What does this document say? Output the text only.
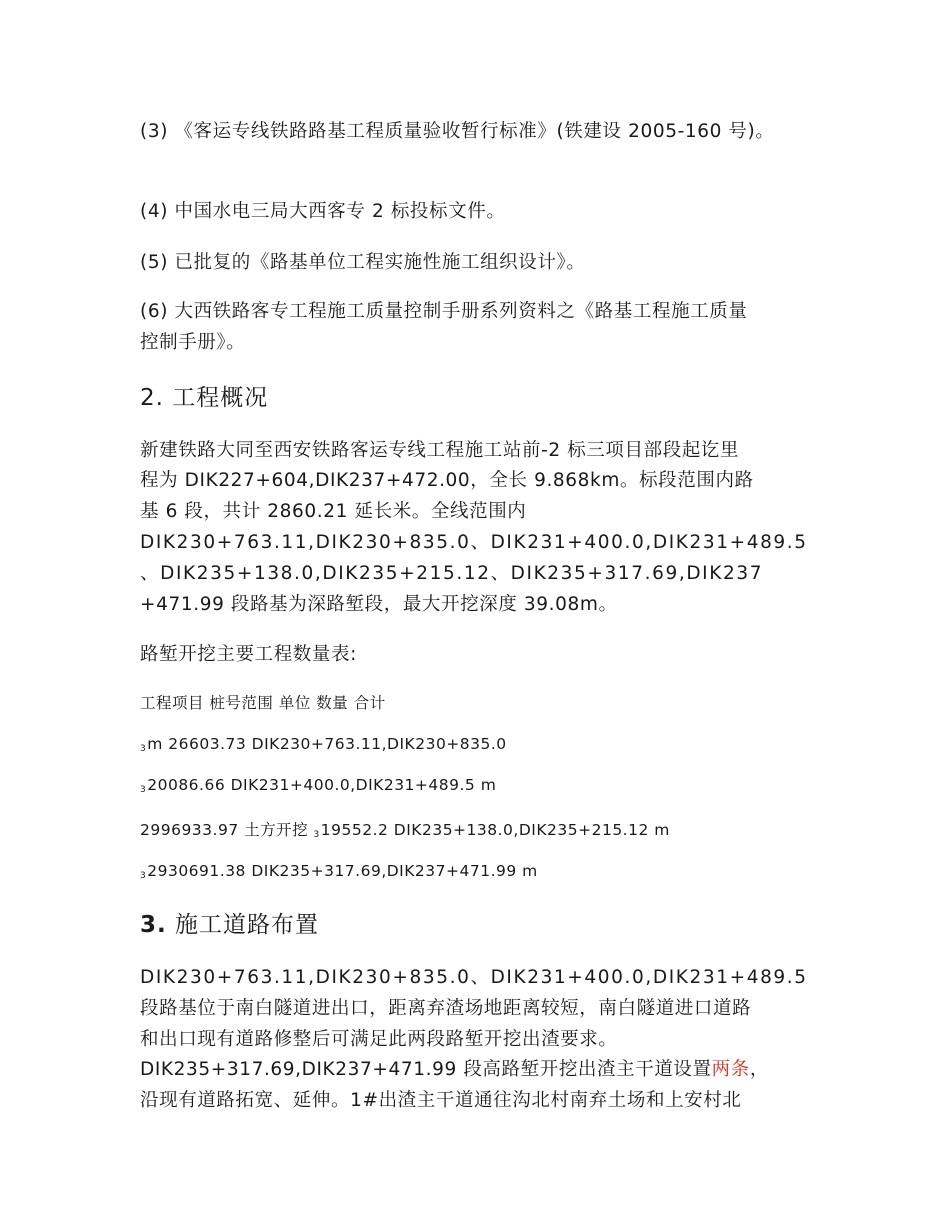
(3) 《客运专线铁路路基工程质量验收暂行标准》(铁建设 2005-160 号)。
(4) 中国水电三局大西客专 2 标投标文件。
(5) 已批复的《路基单位工程实施性施工组织设计》。
(6) 大西铁路客专工程施工质量控制手册系列资料之《路基工程施工质量
控制手册》。
2. 工程概况
新建铁路大同至西安铁路客运专线工程施工站前-2 标三项目部段起讫里
程为 DIK227+604,DIK237+472.00，全长 9.868km。标段范围内路
基 6 段，共计 2860.21 延长米。全线范围内
DIK230+763.11,DIK230+835.0、DIK231+400.0,DIK231+489.5
、DIK235+138.0,DIK235+215.12、DIK235+317.69,DIK237
+471.99 段路基为深路堑段，最大开挖深度 39.08m。
路堑开挖主要工程数量表:
工程项目 桩号范围 单位 数量 合计
$_3$m 26603.73 DIK230+763.11,DIK230+835.0
$_3$20086.66 DIK231+400.0,DIK231+489.5 m
2996933.97 土方开挖 $_3$19552.2 DIK235+138.0,DIK235+215.12 m
$_3$2930691.38 DIK235+317.69,DIK237+471.99 m
3. 施工道路布置
DIK230+763.11,DIK230+835.0、DIK231+400.0,DIK231+489.5
段路基位于南白隧道进出口，距离弃渣场地距离较短，南白隧道进口道路
和出口现有道路修整后可满足此两段路堑开挖出渣要求。
DIK235+317.69,DIK237+471.99 段高路堑开挖出渣主干道设置两条，
沿现有道路拓宽、延伸。1#出渣主干道通往沟北村南弃土场和上安村北
